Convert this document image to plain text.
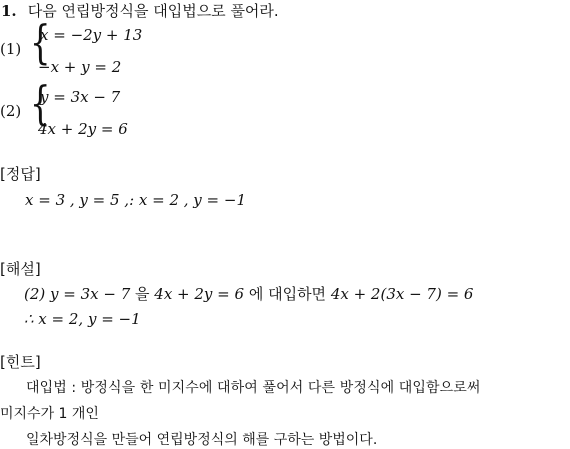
1. 다음 연립방정식을 대입법으로 풀어라.
(1) {
x = −2y + 13
−x + y = 2
(2) {
y = 3x − 7
4x + 2y = 6
[정답]
x = 3 , y = 5 ,: x = 2 , y = −1
[해설]
(2) y = 3x − 7 을 4x + 2y = 6 에 대입하면 4x + 2(3x − 7) = 6
∴ x = 2, y = −1
[힌트]
대입법 : 방정식을 한 미지수에 대하여 풀어서 다른 방정식에 대입함으로써
미지수가 1 개인
일차방정식을 만들어 연립방정식의 해를 구하는 방법이다.
